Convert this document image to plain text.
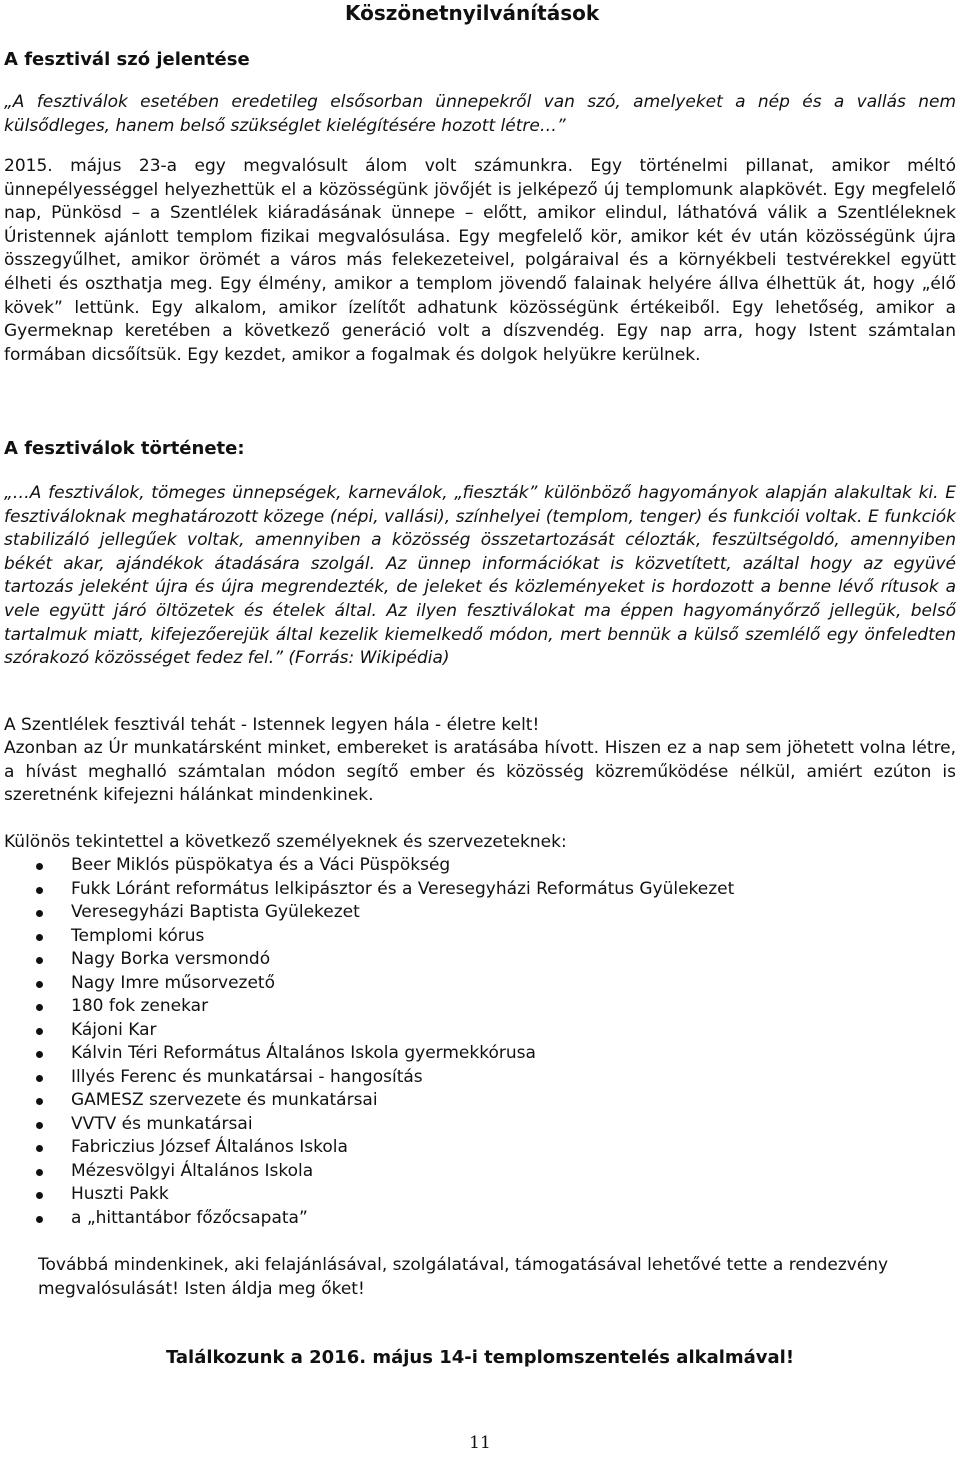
Köszönetnyilvánítások
A fesztivál szó jelentése

„A fesztiválok esetében eredetileg elsősorban ünnepekről van szó, amelyeket a nép és a vallás nem külsődleges, hanem belső szükséglet kielégítésére hozott létre…”

2015. május 23-a egy megvalósult álom volt számunkra. Egy történelmi pillanat, amikor méltó ünnepélyességgel helyezhettük el a közösségünk jövőjét is jelképező új templomunk alapkövét. Egy megfelelő nap, Pünkösd – a Szentlélek kiáradásának ünnepe – előtt, amikor elindul, láthatóvá válik a Szentléleknek Úristennek ajánlott templom fizikai megvalósulása. Egy megfelelő kör, amikor két év után közösségünk újra összegyűlhet, amikor örömét a város más felekezeteivel, polgáraival és a környékbeli testvérekkel együtt élheti és oszthatja meg. Egy élmény, amikor a templom jövendő falainak helyére állva élhettük át, hogy „élő kövek” lettünk. Egy alkalom, amikor ízelítőt adhatunk közösségünk értékeiből. Egy lehetőség, amikor a Gyermeknap keretében a következő generáció volt a díszvendég. Egy nap arra, hogy Istent számtalan formában dicsőítsük. Egy kezdet, amikor a fogalmak és dolgok helyükre kerülnek.

A fesztiválok története:

„…A fesztiválok, tömeges ünnepségek, karneválok, „fieszták” különböző hagyományok alapján alakultak ki. E fesztiváloknak meghatározott közege (népi, vallási), színhelyei (templom, tenger) és funkciói voltak. E funkciók stabilizáló jellegűek voltak, amennyiben a közösség összetartozását célozták, feszültségoldó, amennyiben békét akar, ajándékok átadására szolgál. Az ünnep információkat is közvetített, azáltal hogy az együvé tartozás jeleként újra és újra megrendezték, de jeleket és közleményeket is hordozott a benne lévő rítusok a vele együtt járó öltözetek és ételek által. Az ilyen fesztiválokat ma éppen hagyományőrző jellegük, belső tartalmuk miatt, kifejezőerejük által kezelik kiemelkedő módon, mert bennük a külső szemlélő egy önfeledten szórakozó közösséget fedez fel.” (Forrás: Wikipédia)

A Szentlélek fesztivál tehát - Istennek legyen hála - életre kelt!

Azonban az Úr munkatársként minket, embereket is aratásába hívott. Hiszen ez a nap sem jöhetett volna létre, a hívást meghalló számtalan módon segítő ember és közösség közreműködése nélkül, amiért ezúton is szeretnénk kifejezni hálánkat mindenkinek.

Különös tekintettel a következő személyeknek és szervezeteknek:

Beer Miklós püspökatya és a Váci Püspökség
Fukk Lóránt református lelkipásztor és a Veresegyházi Református Gyülekezet
Veresegyházi Baptista Gyülekezet
Templomi kórus
Nagy Borka versmondó
Nagy Imre műsorvezető
180 fok zenekar
Kájoni Kar
Kálvin Téri Református Általános Iskola gyermekkórusa
Illyés Ferenc és munkatársai - hangosítás
GAMESZ szervezete és munkatársai
VVTV és munkatársai
Fabriczius József Általános Iskola
Mézesvölgyi Általános Iskola
Huszti Pakk
a „hittantábor főzőcsapata”

Továbbá mindenkinek, aki felajánlásával, szolgálatával, támogatásával lehetővé tette a rendezvény megvalósulását! Isten áldja meg őket!

Találkozunk a 2016. május 14-i templomszentelés alkalmával!
11
